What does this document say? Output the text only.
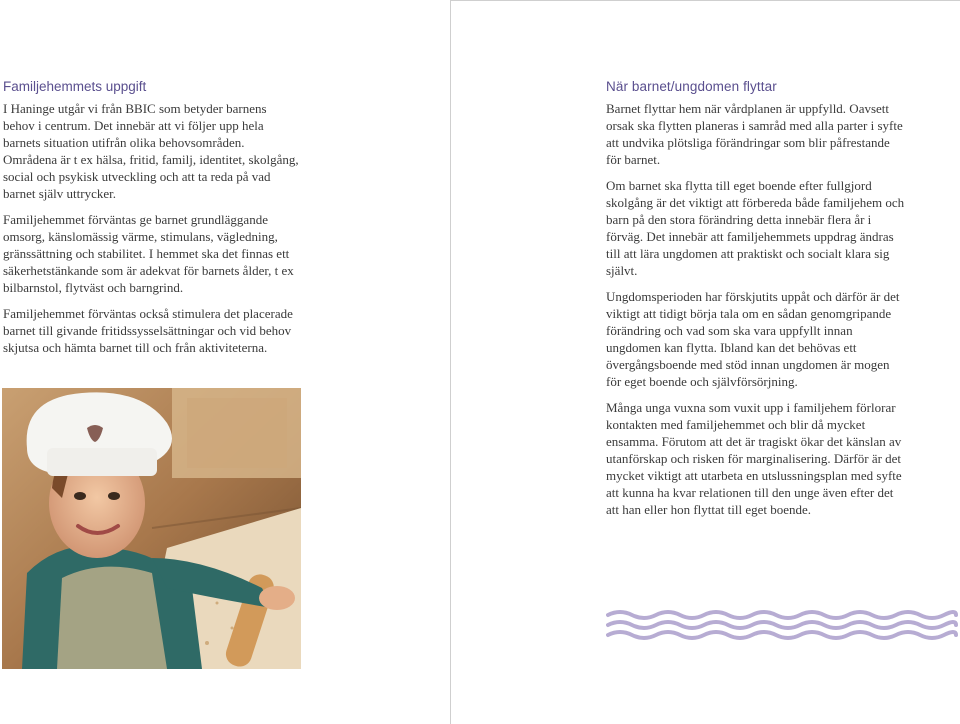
Familjehemmets uppgift

I Haninge utgår vi från BBIC som betyder barnens behov i centrum. Det innebär att vi följer upp hela barnets situation utifrån olika behovsområden. Områdena är t ex hälsa, fritid, familj, identitet, skolgång, social och psykisk utveckling och att ta reda på vad barnet själv uttrycker.

Familjehemmet förväntas ge barnet grundläggande omsorg, känslomässig värme, stimulans, vägledning, gränssättning och stabilitet. I hemmet ska det finnas ett säkerhetstänkande som är adekvat för barnets ålder, t ex bilbarnstol, flytväst och barngrind.

Familjehemmet förväntas också stimulera det placerade barnet till givande fritidssysselsättningar och vid behov skjutsa och hämta barnet till och från aktiviteterna.

När barnet/ungdomen flyttar

Barnet flyttar hem när vårdplanen är uppfylld. Oavsett orsak ska flytten planeras i samråd med alla parter i syfte att undvika plötsliga förändringar som blir påfrestande för barnet.

Om barnet ska flytta till eget boende efter fullgjord skolgång är det viktigt att förbereda både familjehem och barn på den stora förändring detta innebär flera år i förväg. Det innebär att familjehemmets uppdrag ändras till att lära ungdomen att praktiskt och socialt klara sig självt.

Ungdomsperioden har förskjutits uppåt och därför är det viktigt att tidigt börja tala om en sådan genomgripande förändring och vad som ska vara uppfyllt innan ungdomen kan flytta. Ibland kan det behövas ett övergångsboende med stöd innan ungdomen är mogen för eget boende och självförsörjning.

Många unga vuxna som vuxit upp i familjehem förlorar kontakten med familjehemmet och blir då mycket ensamma. Förutom att det är tragiskt ökar det känslan av utanförskap och risken för marginalisering. Därför är det mycket viktigt att utarbeta en utslussningsplan med syfte att kunna ha kvar relationen till den unge även efter det att han eller hon flyttat till eget boende.
